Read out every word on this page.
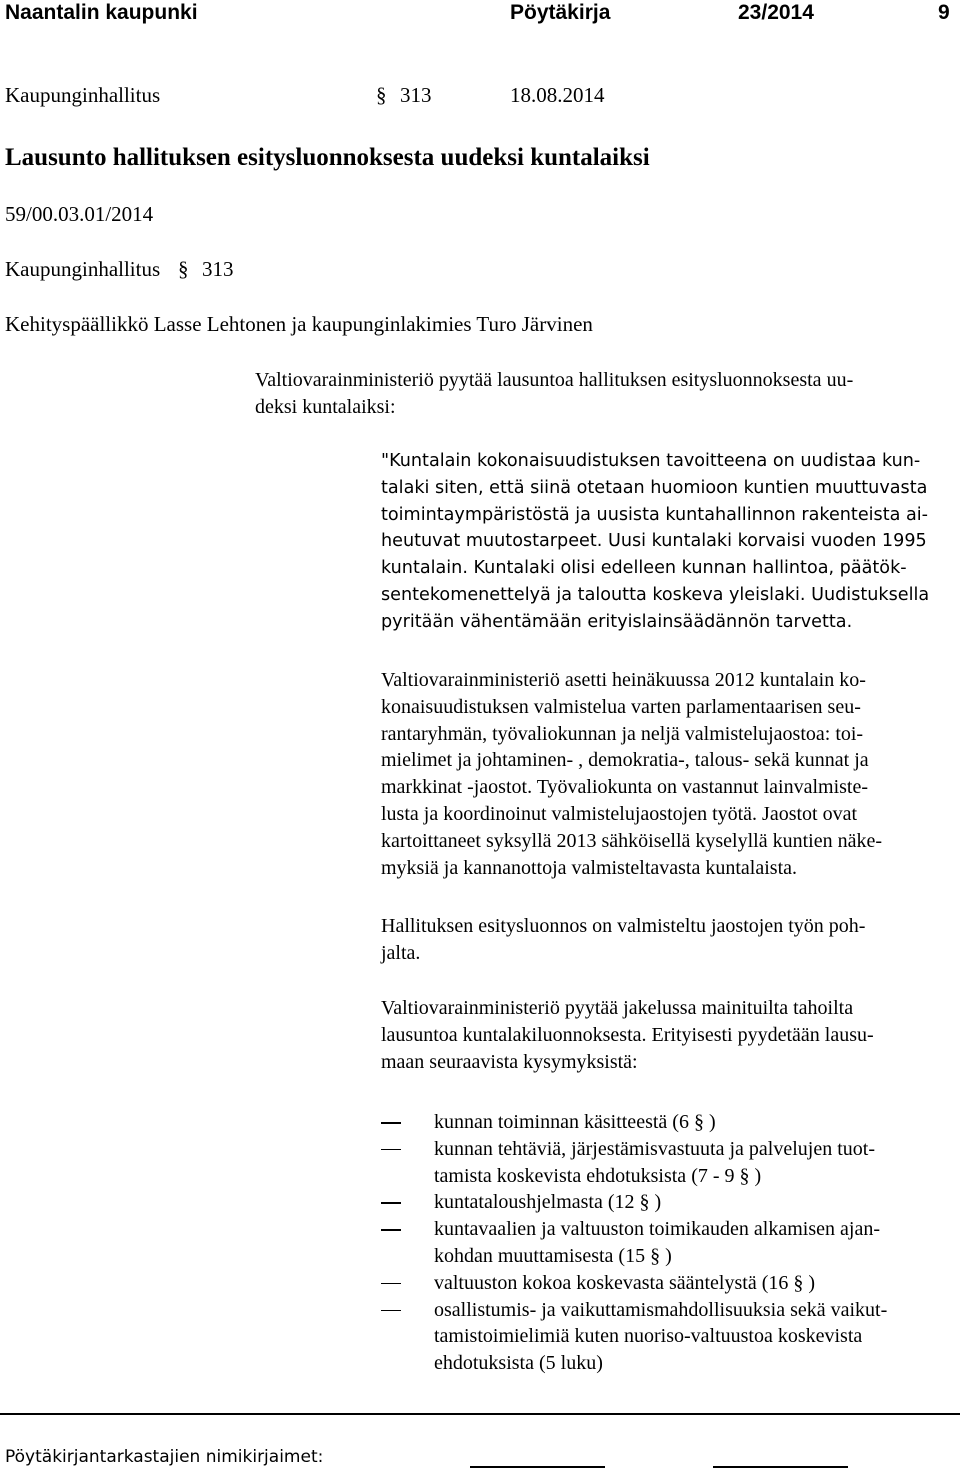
Naantalin kaupunki	Pöytäkirja	23/2014	9
Kaupunginhallitus	§ 313	18.08.2014
Lausunto hallituksen esitysluonnoksesta uudeksi kuntalaiksi
59/00.03.01/2014
Kaupunginhallitus § 313
Kehityspäällikkö Lasse Lehtonen ja kaupunginlakimies Turo Järvinen
Valtiovarainministeriö pyytää lausuntoa hallituksen esitysluonnoksesta uu-
deksi kuntalaiksi:
"Kuntalain kokonaisuudistuksen tavoitteena on uudistaa kun-
talaki siten, että siinä otetaan huomioon kuntien muuttuvasta
toimintaympäristöstä ja uusista kuntahallinnon rakenteista ai-
heutuvat muutostarpeet. Uusi kuntalaki korvaisi vuoden 1995
kuntalain. Kuntalaki olisi edelleen kunnan hallintoa, päätök-
sentekomenettelyä ja taloutta koskeva yleislaki. Uudistuksella
pyritään vähentämään erityislainsäädännön tarvetta.
Valtiovarainministeriö asetti heinäkuussa 2012 kuntalain ko-
konaisuudistuksen valmistelua varten parlamentaarisen seu-
rantaryhmän, työvaliokunnan ja neljä valmistelujaostoa: toi-
mielimet ja johtaminen- , demokratia-, talous- sekä kunnat ja
markkinat -jaostot. Työvaliokunta on vastannut lainvalmiste-
lusta ja koordinoinut valmistelujaostojen työtä. Jaostot ovat
kartoittaneet syksyllä 2013 sähköisellä kyselyllä kuntien näke-
myksiä ja kannanottoja valmisteltavasta kuntalaista.
Hallituksen esitysluonnos on valmisteltu jaostojen työn poh-
jalta.
Valtiovarainministeriö pyytää jakelussa mainituilta tahoilta
lausuntoa kuntalakiluonnoksesta. Erityisesti pyydetään lausu-
maan seuraavista kysymyksistä:
kunnan toiminnan käsitteestä (6 § )
kunnan tehtäviä, järjestämisvastuuta ja palvelujen tuot-
tamista koskevista ehdotuksista (7 - 9 § )
kuntataloushjelmasta (12 § )
kuntavaalien ja valtuuston toimikauden alkamisen ajan-
kohdan muuttamisesta (15 § )
valtuuston kokoa koskevasta sääntelystä (16 § )
osallistumis- ja vaikuttamismahdollisuuksia sekä vaikut-
tamistoimielimiä kuten nuoriso-valtuustoa koskevista
ehdotuksista (5 luku)
Pöytäkirjantarkastajien nimikirjaimet:
